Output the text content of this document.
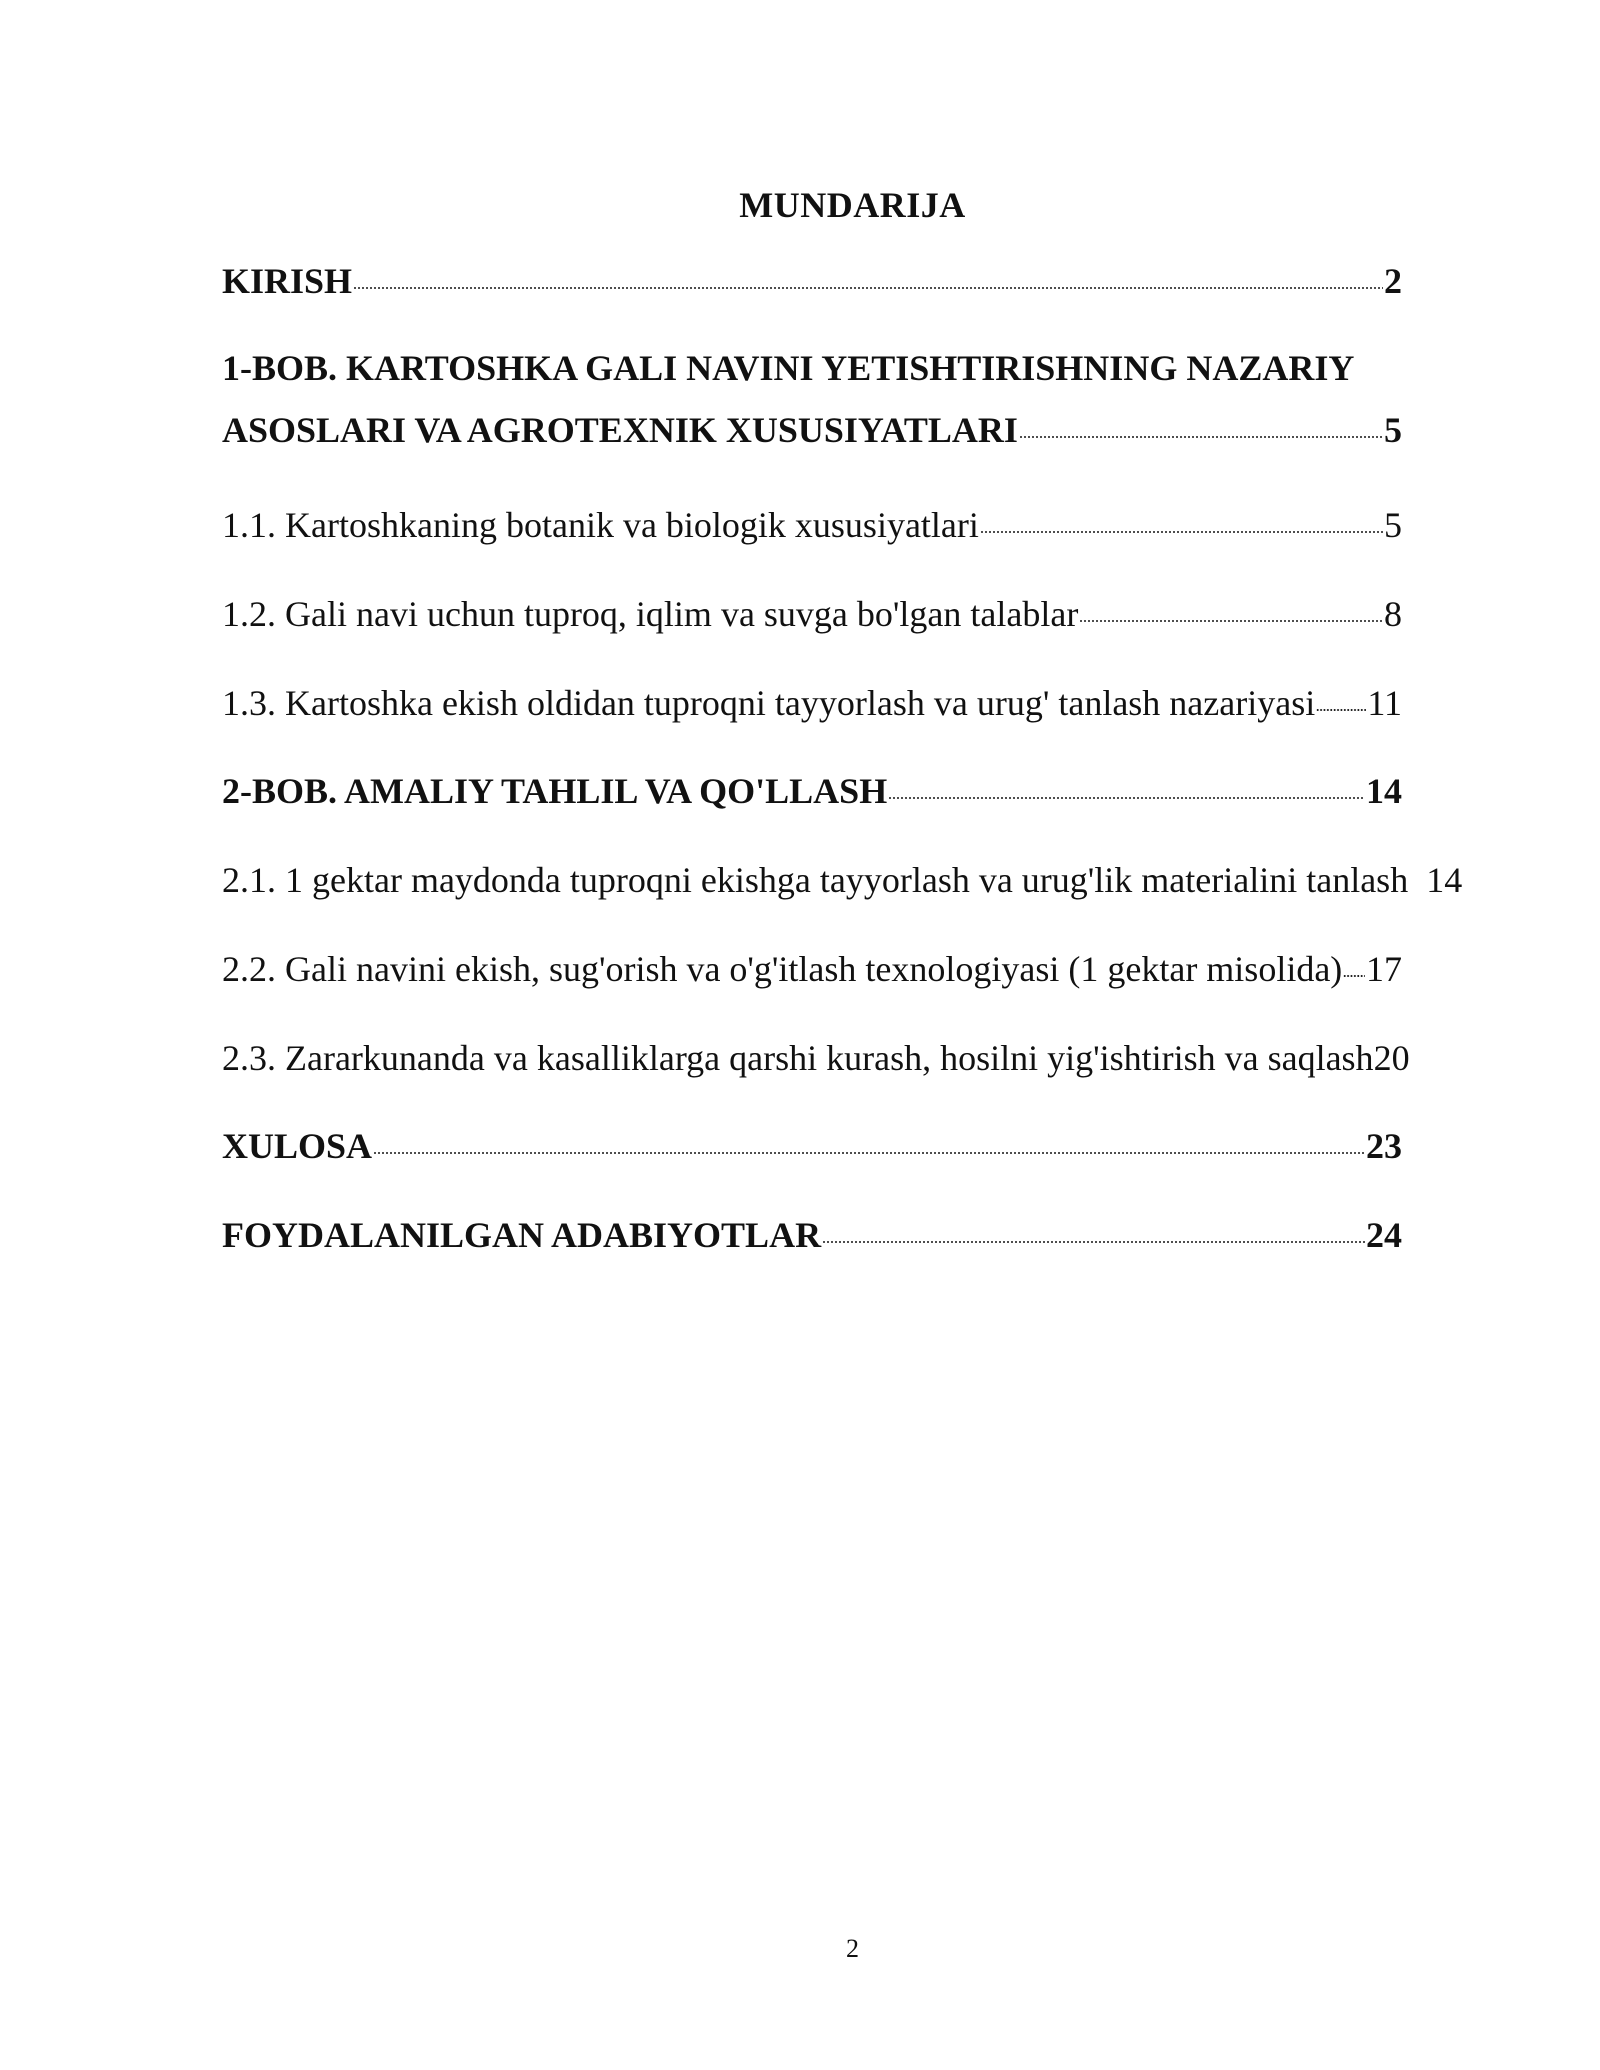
MUNDARIJA
KIRISH	2
1-BOB. KARTOSHKA GALI NAVINI YETISHTIRISHNING NAZARIY
ASOSLARI VA AGROTEXNIK XUSUSIYATLARI	5
1.1. Kartoshkaning botanik va biologik xususiyatlari	5
1.2. Gali navi uchun tuproq, iqlim va suvga bo'lgan talablar	8
1.3. Kartoshka ekish oldidan tuproqni tayyorlash va urug' tanlash nazariyasi 11
2-BOB. AMALIY TAHLIL VA QO'LLASH	14
2.1. 1 gektar maydonda tuproqni ekishga tayyorlash va urug'lik materialini tanlash 14
2.2. Gali navini ekish, sug'orish va o'g'itlash texnologiyasi (1 gektar misolida) 17
2.3. Zararkunanda va kasalliklarga qarshi kurash, hosilni yig'ishtirish va saqlash 20
XULOSA	23
FOYDALANILGAN ADABIYOTLAR	24
2
